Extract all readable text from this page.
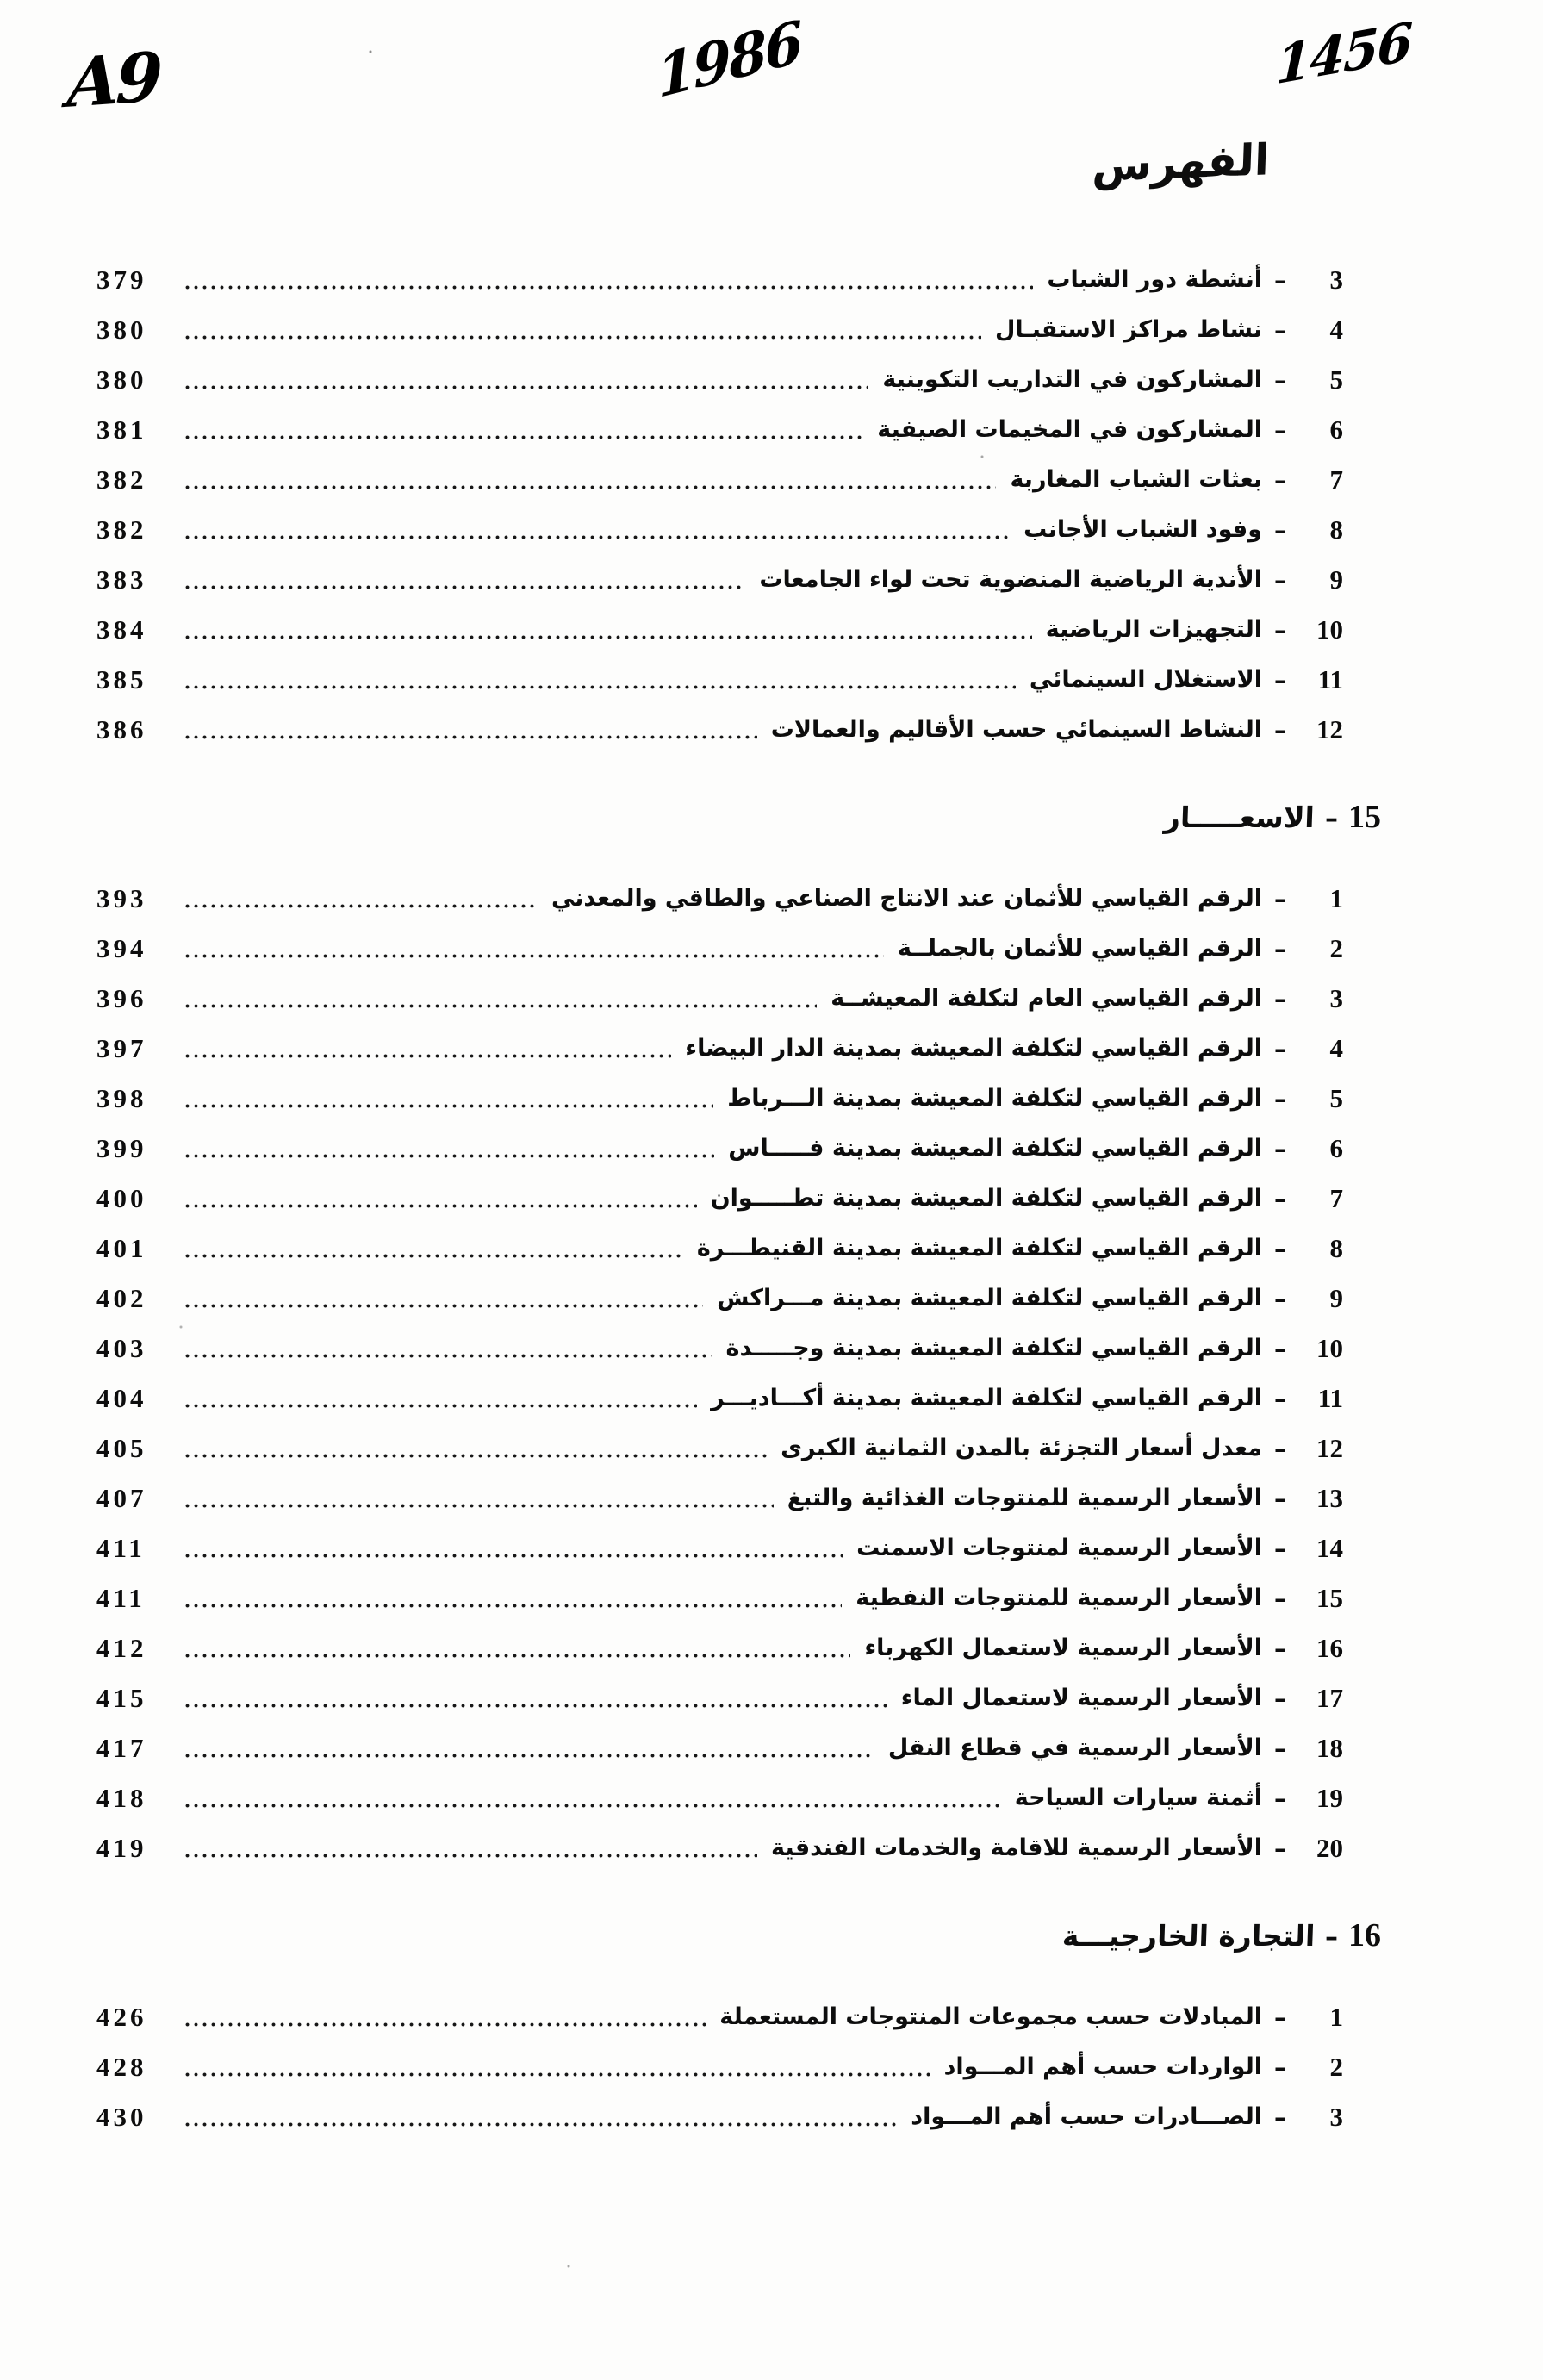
A9	1986	1456
الفهرس
3
–
أنشطة دور الشباب
379
4
–
نشاط مراكز الاستقبـال
380
5
–
المشاركون في التداريب التكوينية
380
6
–
المشاركون في المخيمات الصيفية
381
7
–
بعثات الشباب المغاربة
382
8
–
وفود الشباب الأجانب
382
9
–
الأندية الرياضية المنضوية تحت لواء الجامعات
383
10
–
التجهيزات الرياضية
384
11
–
الاستغلال السينمائي
385
12
–
النشاط السينمائي حسب الأقاليم والعمالات
386
15
–
الاسعـــــار
1
–
الرقم القياسي للأثمان عند الانتاج الصناعي والطاقي والمعدني
393
2
–
الرقم القياسي للأثمان بالجملــة
394
3
–
الرقم القياسي العام لتكلفة المعيشــة
396
4
–
الرقم القياسي لتكلفة المعيشة بمدينة الدار البيضاء
397
5
–
الرقم القياسي لتكلفة المعيشة بمدينة الـــرباط
398
6
–
الرقم القياسي لتكلفة المعيشة بمدينة فـــــاس
399
7
–
الرقم القياسي لتكلفة المعيشة بمدينة تطـــــوان
400
8
–
الرقم القياسي لتكلفة المعيشة بمدينة القنيطـــرة
401
9
–
الرقم القياسي لتكلفة المعيشة بمدينة مـــراكش
402
10
–
الرقم القياسي لتكلفة المعيشة بمدينة وجـــــدة
403
11
–
الرقم القياسي لتكلفة المعيشة بمدينة أكـــاديـــر
404
12
–
معدل أسعار التجزئة بالمدن الثمانية الكبرى
405
13
–
الأسعار الرسمية للمنتوجات الغذائية والتبغ
407
14
–
الأسعار الرسمية لمنتوجات الاسمنت
411
15
–
الأسعار الرسمية للمنتوجات النفطية
411
16
–
الأسعار الرسمية لاستعمال الكهرباء
412
17
–
الأسعار الرسمية لاستعمال الماء
415
18
–
الأسعار الرسمية في قطاع النقل
417
19
–
أثمنة سيارات السياحة
418
20
–
الأسعار الرسمية للاقامة والخدمات الفندقية
419
16
–
التجارة الخارجيـــة
1
–
المبادلات حسب مجموعات المنتوجات المستعملة
426
2
–
الواردات حسب أهم المـــواد
428
3
–
الصـــادرات حسب أهم المـــواد
430
